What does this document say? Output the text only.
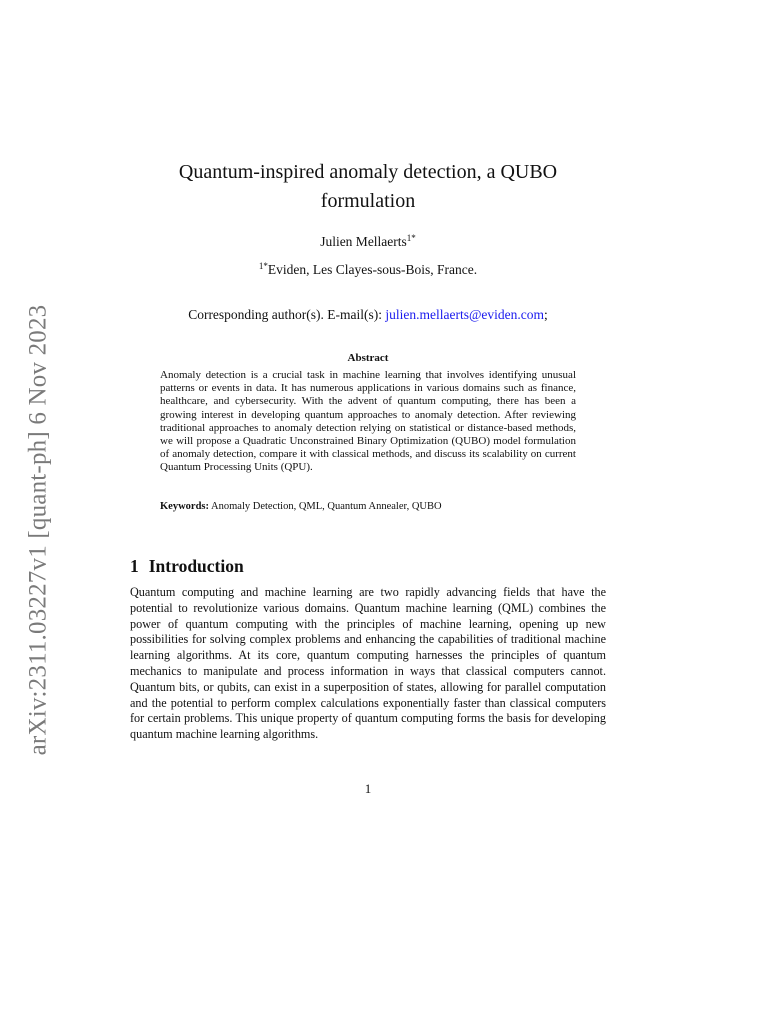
arXiv:2311.03227v1 [quant-ph] 6 Nov 2023
Quantum-inspired anomaly detection, a QUBO formulation
Julien Mellaerts$^{1*}$
$^{1*}$Eviden, Les Clayes-sous-Bois, France.
Corresponding author(s). E-mail(s): julien.mellaerts@eviden.com;
Abstract
Anomaly detection is a crucial task in machine learning that involves identifying unusual patterns or events in data. It has numerous applications in various domains such as finance, healthcare, and cybersecurity. With the advent of quantum computing, there has been a growing interest in developing quantum approaches to anomaly detection. After reviewing traditional approaches to anomaly detection relying on statistical or distance-based methods, we will propose a Quadratic Unconstrained Binary Optimization (QUBO) model formulation of anomaly detection, compare it with classical methods, and discuss its scalability on current Quantum Processing Units (QPU).
Keywords: Anomaly Detection, QML, Quantum Annealer, QUBO
1 Introduction
Quantum computing and machine learning are two rapidly advancing fields that have the potential to revolutionize various domains. Quantum machine learning (QML) combines the power of quantum computing with the principles of machine learning, opening up new possibilities for solving complex problems and enhancing the capabilities of traditional machine learning algorithms. At its core, quantum computing harnesses the principles of quantum mechanics to manipulate and process information in ways that classical computers cannot. Quantum bits, or qubits, can exist in a superposition of states, allowing for parallel computation and the potential to perform complex calculations exponentially faster than classical computers for certain problems. This unique property of quantum computing forms the basis for developing quantum machine learning algorithms.
1
